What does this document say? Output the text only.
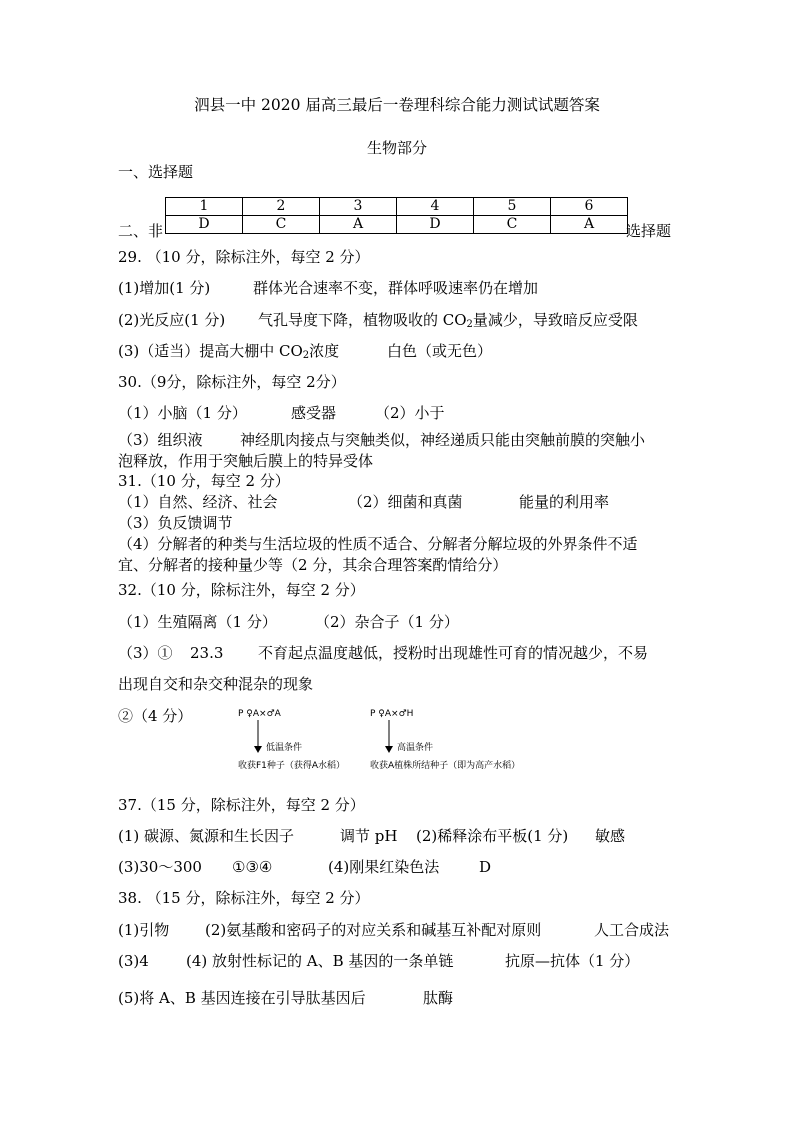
泗县一中 2020 届高三最后一卷理科综合能力测试试题答案
生物部分
一、选择题
1	2	3	4	5	6
D	C	A	D	C	A
二、非	选择题
29. （10 分，除标注外，每空 2 分）
(1)增加(1 分)	群体光合速率不变，群体呼吸速率仍在增加
(2)光反应(1 分) 气孔导度下降，植物吸收的 $CO_2$量减少，导致暗反应受限
(3)（适当）提高大棚中 $CO_2$浓度	白色（或无色）
30.（9分，除标注外，每空 2分）
（1）小脑（1 分）	感受器	（2）小于
（3）组织液 神经肌肉接点与突触类似，神经递质只能由突触前膜的突触小
泡释放，作用于突触后膜上的特异受体
31.（10 分，每空 2 分）
（1）自然、经济、社会	（2）细菌和真菌	能量的利用率
（3）负反馈调节
（4）分解者的种类与生活垃圾的性质不适合、分解者分解垃圾的外界条件不适
宜、分解者的接种量少等（2 分，其余合理答案酌情给分）
32.（10 分，除标注外，每空 2 分）
（1）生殖隔离（1 分）	（2）杂合子（1 分）
（3）① 23.3 不育起点温度越低，授粉时出现雄性可育的情况越少，不易
出现自交和杂交种混杂的现象
②（4 分）	P ♀A×♂A
低温条件
收获F1种子（获得A水稻）
P ♀A×♂H
高温条件
收获A植株所结种子（即为高产水稻）
37.（15 分，除标注外，每空 2 分）
(1) 碳源、氮源和生长因子	调节 pH (2)稀释涂布平板(1 分) 敏感
(3)30～300 ①③④	(4)刚果红染色法	D
38. （15 分，除标注外，每空 2 分）
(1)引物 (2)氨基酸和密码子的对应关系和碱基互补配对原则	人工合成法
(3)4 (4) 放射性标记的 A、B 基因的一条单链	抗原—抗体（1 分）
(5)将 A、B 基因连接在引导肽基因后	肽酶
